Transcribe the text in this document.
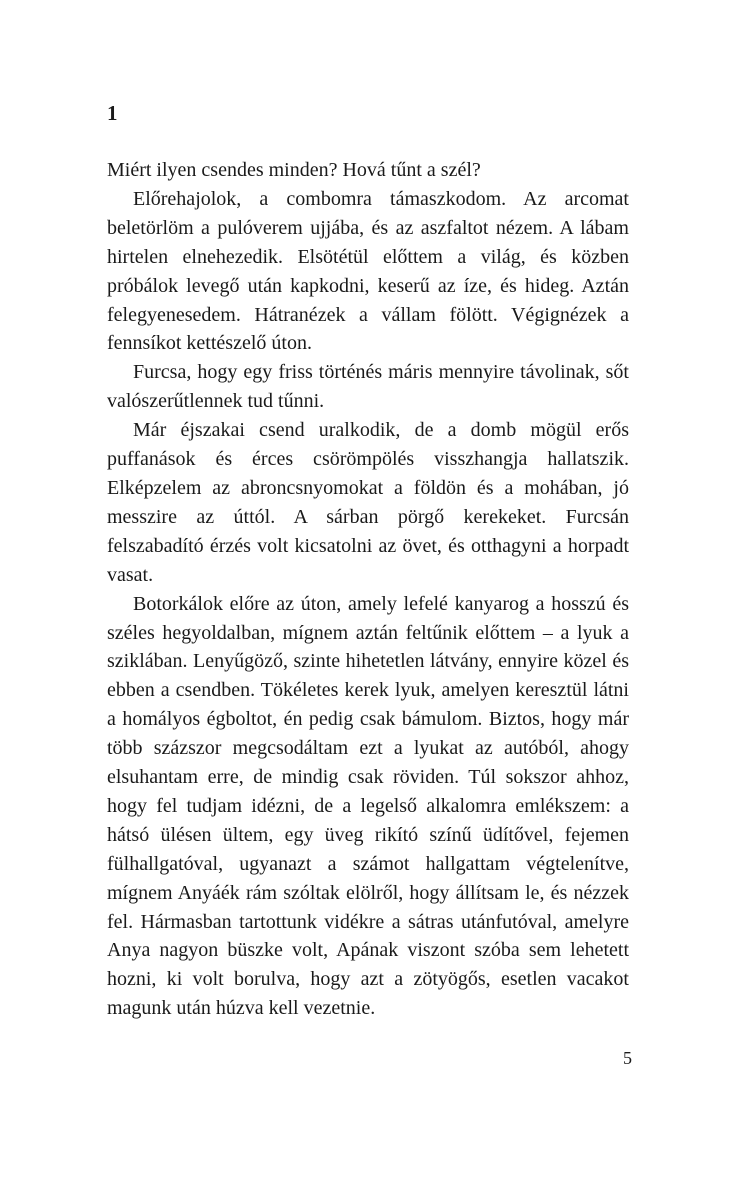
1

Miért ilyen csendes minden? Hová tűnt a szél?

Előrehajolok, a combomra támaszkodom. Az arcomat beletörlöm a pulóverem ujjába, és az aszfaltot nézem. A lábam hirtelen elnehezedik. Elsötétül előttem a világ, és közben próbálok levegő után kapkodni, keserű az íze, és hideg. Aztán felegyenesedem. Hátranézek a vállam fölött. Végignézek a fennsíkot kettészelő úton.

Furcsa, hogy egy friss történés máris mennyire távolinak, sőt valószerűtlennek tud tűnni.

Már éjszakai csend uralkodik, de a domb mögül erős puffanások és érces csörömpölés visszhangja hallatszik. Elképzelem az abroncsnyomokat a földön és a mohában, jó messzire az úttól. A sárban pörgő kerekeket. Furcsán felszabadító érzés volt kicsatolni az övet, és otthagyni a horpadt vasat.

Botorkálok előre az úton, amely lefelé kanyarog a hosszú és széles hegyoldalban, mígnem aztán feltűnik előttem – a lyuk a sziklában. Lenyűgöző, szinte hihetetlen látvány, ennyire közel és ebben a csendben. Tökéletes kerek lyuk, amelyen keresztül látni a homályos égboltot, én pedig csak bámulom. Biztos, hogy már több százszor megcsodáltam ezt a lyukat az autóból, ahogy elsuhantam erre, de mindig csak röviden. Túl sokszor ahhoz, hogy fel tudjam idézni, de a legelső alkalomra emlékszem: a hátsó ülésen ültem, egy üveg rikító színű üdítővel, fejemen fülhallgatóval, ugyanazt a számot hallgattam végtelenítve, mígnem Anyáék rám szóltak elölről, hogy állítsam le, és nézzek fel. Hármasban tartottunk vidékre a sátras utánfutóval, amelyre Anya nagyon büszke volt, Apának viszont szóba sem lehetett hozni, ki volt borulva, hogy azt a zötyögős, esetlen vacakot magunk után húzva kell vezetnie.

5
